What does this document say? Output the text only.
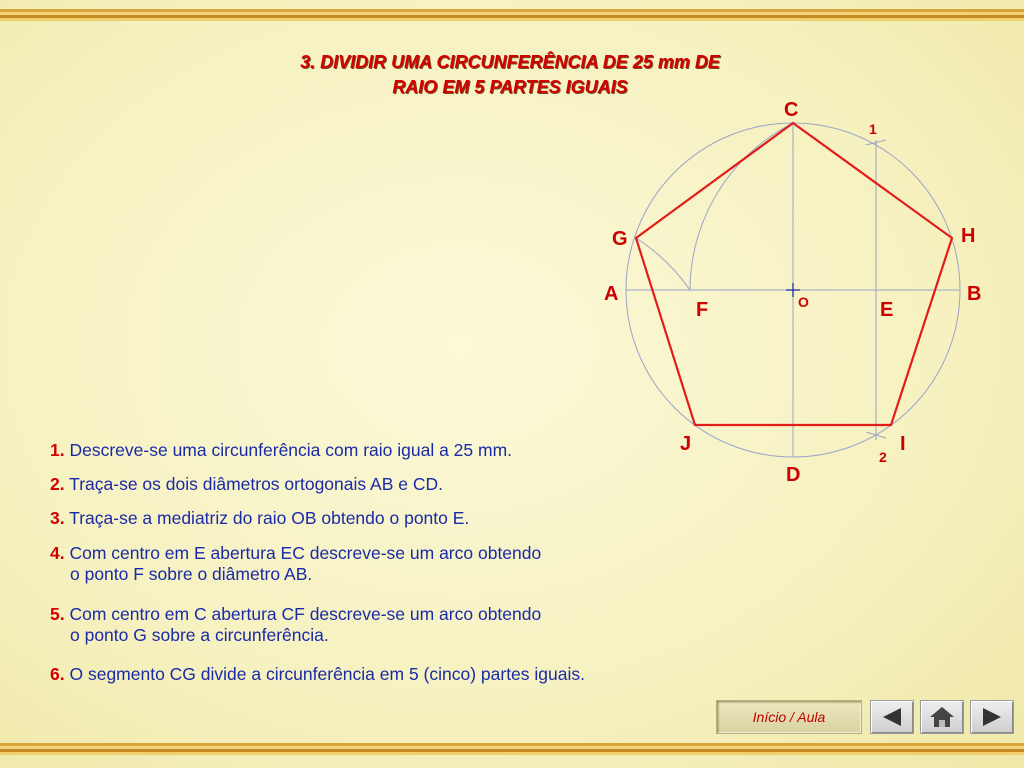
3. DIVIDIR UMA CIRCUNFERÊNCIA DE 25 mm DE
RAIO EM 5 PARTES IGUAIS
C
D
A	B
E
F
G	H
I
J
O
1
2
1. Descreve-se uma circunferência com raio igual a 25 mm.
2. Traça-se os dois diâmetros ortogonais AB e CD.
3. Traça-se a mediatriz do raio OB obtendo o ponto E.
4. Com centro em E abertura EC descreve-se um arco obtendo
o ponto F sobre o diâmetro AB.
5. Com centro em C abertura CF descreve-se um arco obtendo
o ponto G sobre a circunferência.
6. O segmento CG divide a circunferência em 5 (cinco) partes iguais.
Início / Aula
